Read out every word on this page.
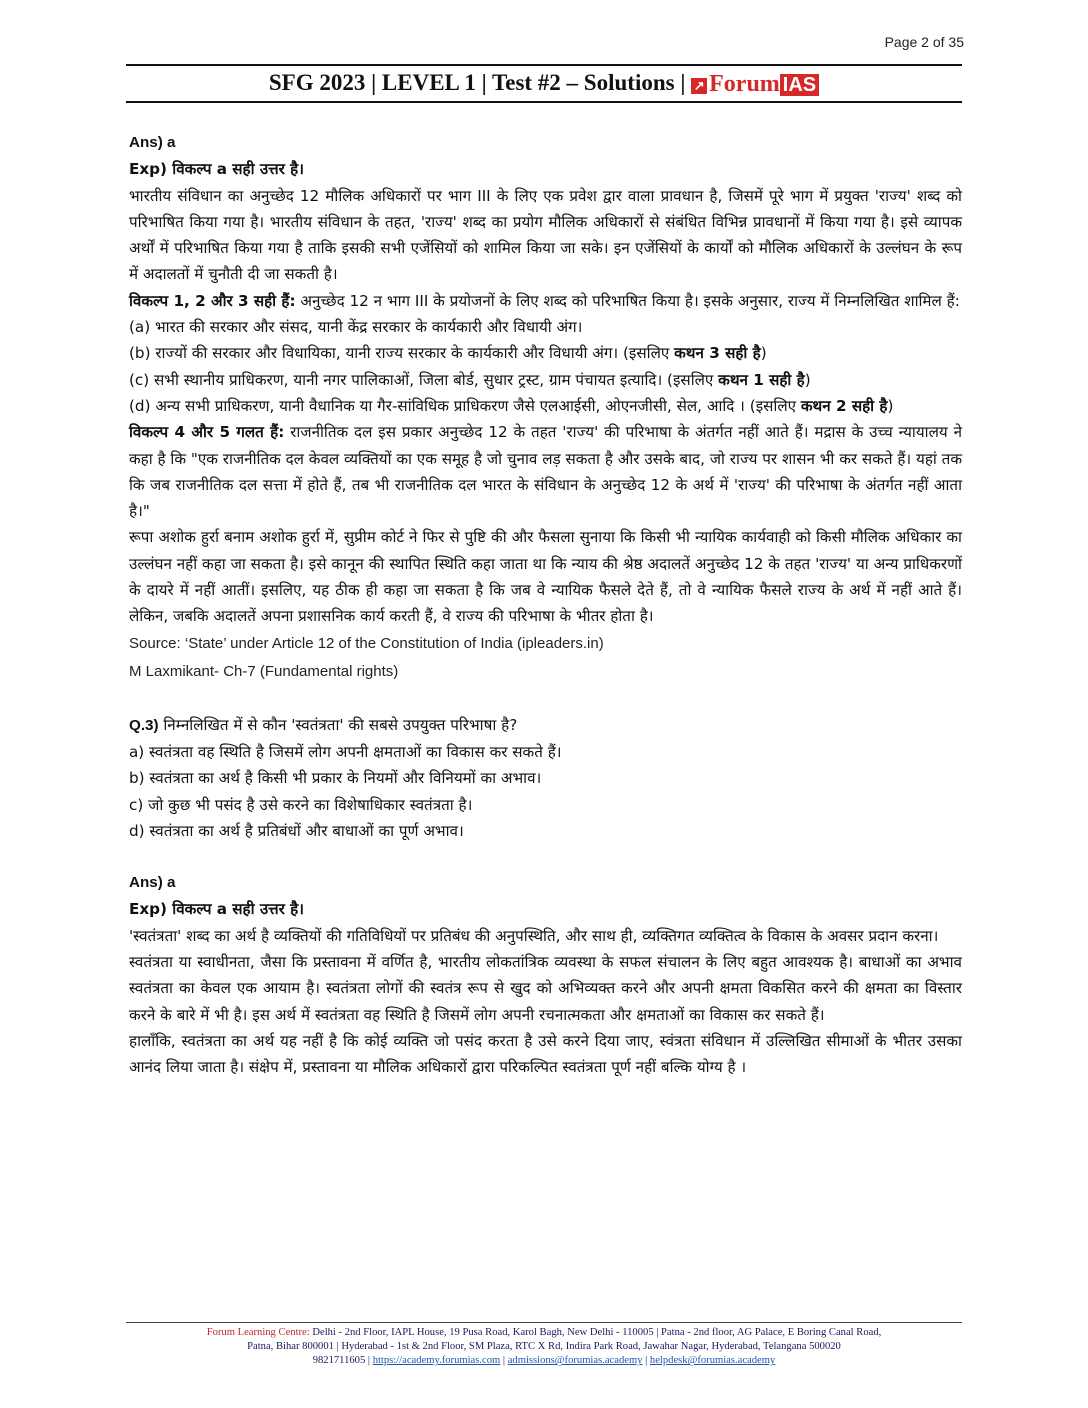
Page 2 of 35
SFG 2023 | LEVEL 1 | Test #2 – Solutions | ↗ Forum IAS

Ans) a

Exp) विकल्प a सही उत्तर है।

भारतीय संविधान का अनुच्छेद 12 मौलिक अधिकारों पर भाग III के लिए एक प्रवेश द्वार वाला प्रावधान है, जिसमें पूरे भाग में प्रयुक्त 'राज्य' शब्द को परिभाषित किया गया है। भारतीय संविधान के तहत, 'राज्य' शब्द का प्रयोग मौलिक अधिकारों से संबंधित विभिन्न प्रावधानों में किया गया है। इसे व्यापक अर्थों में परिभाषित किया गया है ताकि इसकी सभी एजेंसियों को शामिल किया जा सके। इन एजेंसियों के कार्यों को मौलिक अधिकारों के उल्लंघन के रूप में अदालतों में चुनौती दी जा सकती है।

विकल्प 1, 2 और 3 सही हैं: अनुच्छेद 12 न भाग III के प्रयोजनों के लिए शब्द को परिभाषित किया है। इसके अनुसार, राज्य में निम्नलिखित शामिल हैं:

(a) भारत की सरकार और संसद, यानी केंद्र सरकार के कार्यकारी और विधायी अंग।

(b) राज्यों की सरकार और विधायिका, यानी राज्य सरकार के कार्यकारी और विधायी अंग। (इसलिए कथन 3 सही है)

(c) सभी स्थानीय प्राधिकरण, यानी नगर पालिकाओं, जिला बोर्ड, सुधार ट्रस्ट, ग्राम पंचायत इत्यादि। (इसलिए कथन 1 सही है)

(d) अन्य सभी प्राधिकरण, यानी वैधानिक या गैर-सांविधिक प्राधिकरण जैसे एलआईसी, ओएनजीसी, सेल, आदि । (इसलिए कथन 2 सही है)

विकल्प 4 और 5 गलत हैं: राजनीतिक दल इस प्रकार अनुच्छेद 12 के तहत 'राज्य' की परिभाषा के अंतर्गत नहीं आते हैं। मद्रास के उच्च न्यायालय ने कहा है कि "एक राजनीतिक दल केवल व्यक्तियों का एक समूह है जो चुनाव लड़ सकता है और उसके बाद, जो राज्य पर शासन भी कर सकते हैं। यहां तक कि जब राजनीतिक दल सत्ता में होते हैं, तब भी राजनीतिक दल भारत के संविधान के अनुच्छेद 12 के अर्थ में 'राज्य' की परिभाषा के अंतर्गत नहीं आता है।"

रूपा अशोक हुर्रा बनाम अशोक हुर्रा में, सुप्रीम कोर्ट ने फिर से पुष्टि की और फैसला सुनाया कि किसी भी न्यायिक कार्यवाही को किसी मौलिक अधिकार का उल्लंघन नहीं कहा जा सकता है। इसे कानून की स्थापित स्थिति कहा जाता था कि न्याय की श्रेष्ठ अदालतें अनुच्छेद 12 के तहत 'राज्य' या अन्य प्राधिकरणों के दायरे में नहीं आतीं। इसलिए, यह ठीक ही कहा जा सकता है कि जब वे न्यायिक फैसले देते हैं, तो वे न्यायिक फैसले राज्य के अर्थ में नहीं आते हैं। लेकिन, जबकि अदालतें अपना प्रशासनिक कार्य करती हैं, वे राज्य की परिभाषा के भीतर होता है।

Source: ‘State’ under Article 12 of the Constitution of India (ipleaders.in)

M Laxmikant- Ch-7 (Fundamental rights)

Q.3) निम्नलिखित में से कौन 'स्वतंत्रता' की सबसे उपयुक्त परिभाषा है?

a) स्वतंत्रता वह स्थिति है जिसमें लोग अपनी क्षमताओं का विकास कर सकते हैं।

b) स्वतंत्रता का अर्थ है किसी भी प्रकार के नियमों और विनियमों का अभाव।

c) जो कुछ भी पसंद है उसे करने का विशेषाधिकार स्वतंत्रता है।

d) स्वतंत्रता का अर्थ है प्रतिबंधों और बाधाओं का पूर्ण अभाव।

Ans) a

Exp) विकल्प a सही उत्तर है।

'स्वतंत्रता' शब्द का अर्थ है व्यक्तियों की गतिविधियों पर प्रतिबंध की अनुपस्थिति, और साथ ही, व्यक्तिगत व्यक्तित्व के विकास के अवसर प्रदान करना।

स्वतंत्रता या स्वाधीनता, जैसा कि प्रस्तावना में वर्णित है, भारतीय लोकतांत्रिक व्यवस्था के सफल संचालन के लिए बहुत आवश्यक है। बाधाओं का अभाव स्वतंत्रता का केवल एक आयाम है। स्वतंत्रता लोगों की स्वतंत्र रूप से खुद को अभिव्यक्त करने और अपनी क्षमता विकसित करने की क्षमता का विस्तार करने के बारे में भी है। इस अर्थ में स्वतंत्रता वह स्थिति है जिसमें लोग अपनी रचनात्मकता और क्षमताओं का विकास कर सकते हैं।

हालाँकि, स्वतंत्रता का अर्थ यह नहीं है कि कोई व्यक्ति जो पसंद करता है उसे करने दिया जाए, स्वंत्रता संविधान में उल्लिखित सीमाओं के भीतर उसका आनंद लिया जाता है। संक्षेप में, प्रस्तावना या मौलिक अधिकारों द्वारा परिकल्पित स्वतंत्रता पूर्ण नहीं बल्कि योग्य है ।

Forum Learning Centre: Delhi - 2nd Floor, IAPL House, 19 Pusa Road, Karol Bagh, New Delhi - 110005 | Patna - 2nd floor, AG Palace, E Boring Canal Road,
Patna, Bihar 800001 | Hyderabad - 1st & 2nd Floor, SM Plaza, RTC X Rd, Indira Park Road, Jawahar Nagar, Hyderabad, Telangana 500020
9821711605 | https://academy.forumias.com | admissions@forumias.academy | helpdesk@forumias.academy
